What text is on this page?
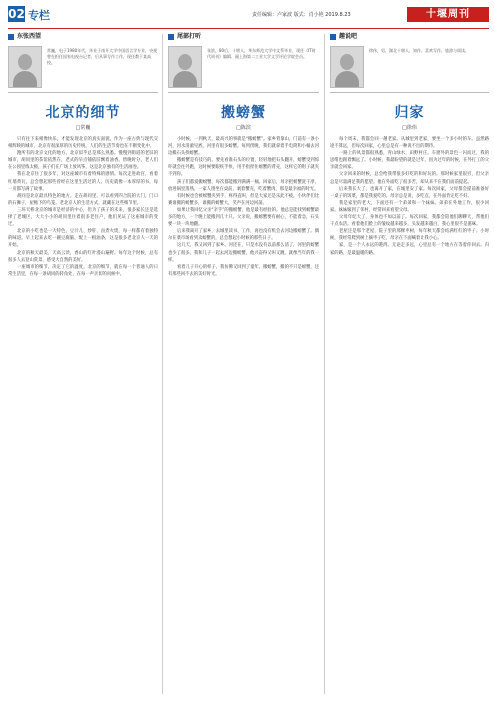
02 专栏	责任编辑：卢家波 版式：肖小艳 2019.8.23	十堰周刊
东张西望
常巍，电子1980年代，毕业于南开大学中国语言学专业，央视曾在担任国家电视台记者，后从事写作工作，现任教于某高校。
北京的细节
□常巍

只有往下来相像快乐，才能发现北京的真实面貌。作为一座古典与现代交相辉映的城市，北京有很深厚的历史传统，人们的生活节奏也在不断变化中。

跑所有的北京文化的地方，北京似乎总是那么熟悉。慢慢到街道的老旧的城市，胡同里的茶馆依然在，老式的早点铺依旧飘着油香。傍晚时分，老人们在公园里练太极，孩子们在广场上放风筝，这是北京独有的生活画卷。

我在北京住了很多年，对这座城市有着特殊的感情。每次走进故宫，看着红墙黄瓦，总会想起那些曾经在这里生活过的人。历史就像一本厚厚的书，每一页都写满了故事。

胡同是北京最具特色的地方。走在胡同里，可以看到四合院的大门，门口的石狮子，屋檐下的鸟笼。老北京人的生活方式，就藏在这些细节里。

三环天桥北京的城市是经济的中心，但为了孩子的未来，很多家长还是选择了老城区。大大小小的胡同里住着很多老住户，他们见证了这座城市的变迁。

北京的小吃也是一大特色，豆汁儿、炒肝、卤煮火烧，每一样都有着独特的味道。早上起来去吃一碗豆腐脑，配上一根油条，这是很多老北京人一天的开始。

北京的秋天最美，天高云淡，香山的红叶漫山遍野。每年这个时候，总有很多人去登山赏景，感受大自然的美好。

一座城市的细节，决定了它的温度。北京的细节，就在每一个普通人的日常生活里，在每一条胡同的转角处，在每一声亲切的问候中。

尾部打听
张滨，80后，十堰人，华东师范大学中文系毕业，现任《IT时代周刊》编辑、副上海第二工业大学文学评论学院会员。
搬螃蟹
□陈滨

小时候，一到秋天，最高兴的事就是“搬螃蟹”。家乡背靠山，门前有一条小河，河水清澈见底，河里有很多螃蟹。每到傍晚，我们就拿着手电筒和小桶去河边搬石头找螃蟹。

搬螃蟹是有技巧的。要先看准石头的位置，轻轻地把石头翻开，螃蟹受到惊吓就会往外跑，这时候要眼疾手快，用手指捏住螃蟹的背壳，这样它的钳子就夹不到你。

孩子们都爱搬螃蟹，每次都能搬到满满一桶。回家后，母亲把螃蟹洗干净，放进锅里蒸熟，一家人围坐在桌前，剥着蟹壳，吃着蟹肉，那是最幸福的时光。

有时候也会被螃蟹夹到手，疼得直叫，但是大家还是乐此不疲。小伙伴们比赛谁搬的螃蟹多，谁搬的螃蟹大，笑声在河边回荡。

如果让我回忆父亲“亲手”的搬螃蟹，他是最有经验的。他总是能找到螃蟹最多的地方，一个晚上能搬到几十只。父亲说，搬螃蟹要有耐心，不能着急，石头要一块一块地翻。

后来我离开了家乡，去城里读书、工作，再也没有机会去河边搬螃蟹了。偶尔在菜市场看到卖螃蟹的，总会想起小时候的那些日子。

这几天，我又回到了家乡。河还在，只是水没有以前那么清了，河里的螃蟹也少了很多。我和儿子一起去河边搬螃蟹，他兴奋得又叫又跳，就像当年的我一样。

看着儿子开心的样子，我仿佛又回到了童年。搬螃蟹，搬的不只是螃蟹，还有那些回不去的美好时光。

趣说吧
徐伟，男，湖北十堰人，知作、喜欢写作、旅游与阅读。
归家
□徐伟

每个周末，我都会回一趟老家。从城里到老家，要坐一个多小时的车。虽然路途不算远，但每次回家，心里总是有一种说不出的期待。

一路上的风景都很熟悉，青山绿水，田野村庄。车窗外的景色一闪而过，我的思绪也跟着飘远了。小时候，我最盼望的就是过年，因为过年的时候，在外打工的父亲就会回家。

父亲回来的时候，总会给我带很多好吃的和好玩的。那时候家里很穷，但父亲总是尽量满足我的愿望。他在外面吃了很多苦，却从来不在我们面前提起。

后来我长大了，也离开了家，在城里安了家。每次回家，父母都会提前准备好一桌子的饭菜，都是我爱吃的。母亲总是说，多吃点，在外面肯定吃不好。

我是家里的老大，下面还有一个弟弟和一个妹妹。弟弟在外地工作，很少回家。妹妹嫁到了邻村，经常回来看望父母。

父母年纪大了，身体也不如以前了。每次回家，我都会陪他们聊聊天，帮他们干点农活。看着他们脸上的皱纹越来越多，头发越来越白，我心里很不是滋味。

老屋还是那个老屋，院子里的那棵枣树，每年秋天都会结满红红的枣子。小时候，我经常爬到树上摘枣子吃，母亲在下面喊着让我小心。

家，是一个人永远的港湾。无论走多远，心里总有一个地方在等着你回去。归家的路，是最温暖的路。
